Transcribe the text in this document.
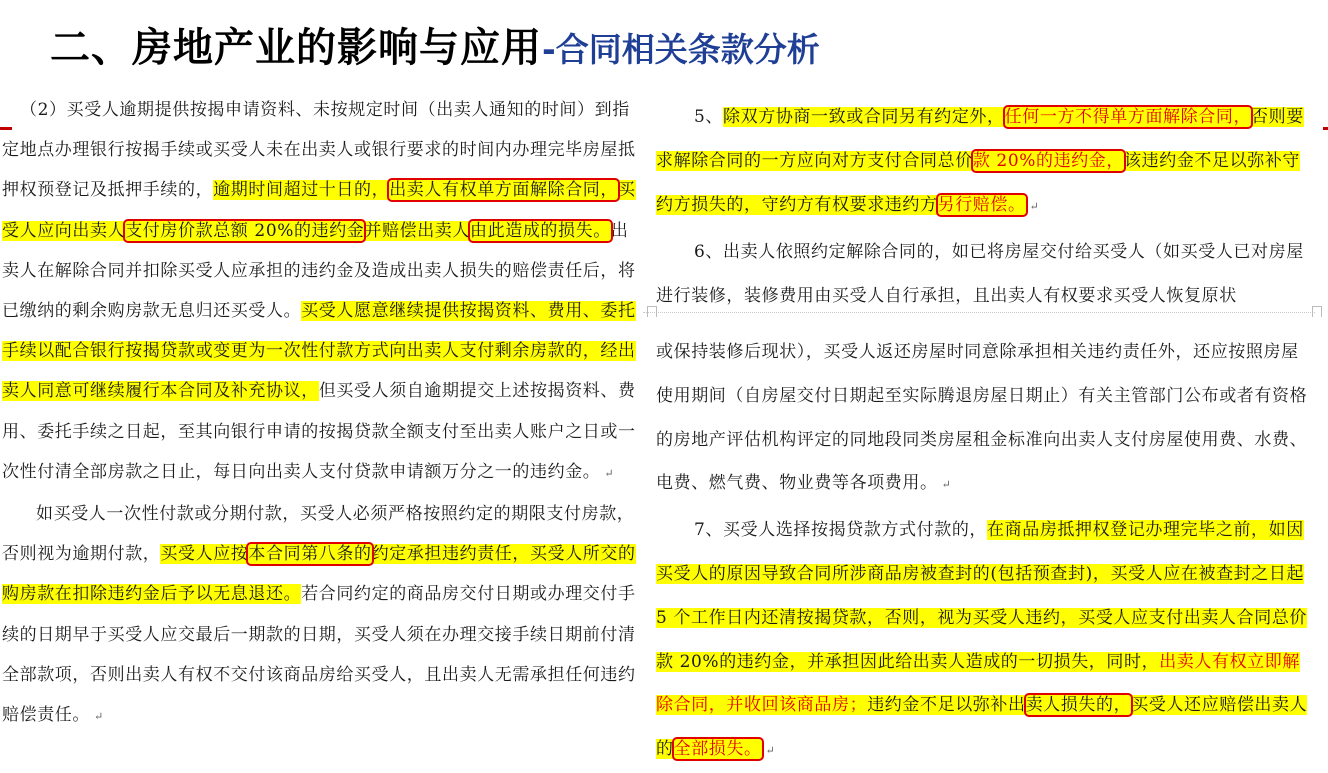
二、房地产业的影响与应用-合同相关条款分析

（2）买受人逾期提供按揭申请资料、未按规定时间（出卖人通知的时间）到指定地点办理银行按揭手续或买受人未在出卖人或银行要求的时间内办理完毕房屋抵押权预登记及抵押手续的，逾期时间超过十日的，出卖人有权单方面解除合同，买受人应向出卖人支付房价款总额 20%的违约金并赔偿出卖人由此造成的损失。出卖人在解除合同并扣除买受人应承担的违约金及造成出卖人损失的赔偿责任后，将已缴纳的剩余购房款无息归还买受人。买受人愿意继续提供按揭资料、费用、委托手续以配合银行按揭贷款或变更为一次性付款方式向出卖人支付剩余房款的，经出卖人同意可继续履行本合同及补充协议，但买受人须自逾期提交上述按揭资料、费用、委托手续之日起，至其向银行申请的按揭贷款全额支付至出卖人账户之日或一次性付清全部房款之日止，每日向出卖人支付贷款申请额万分之一的违约金。 ↵

如买受人一次性付款或分期付款，买受人必须严格按照约定的期限支付房款，否则视为逾期付款，买受人应按本合同第八条的约定承担违约责任，买受人所交的购房款在扣除违约金后予以无息退还。若合同约定的商品房交付日期或办理交付手续的日期早于买受人应交最后一期款的日期，买受人须在办理交接手续日期前付清全部款项，否则出卖人有权不交付该商品房给买受人，且出卖人无需承担任何违约赔偿责任。 ↵

5、除双方协商一致或合同另有约定外，任何一方不得单方面解除合同，否则要求解除合同的一方应向对方支付合同总价款 20%的违约金，该违约金不足以弥补守约方损失的，守约方有权要求违约方另行赔偿。 ↵

6、出卖人依照约定解除合同的，如已将房屋交付给买受人（如买受人已对房屋进行装修，装修费用由买受人自行承担，且出卖人有权要求买受人恢复原状

或保持装修后现状），买受人返还房屋时同意除承担相关违约责任外，还应按照房屋使用期间（自房屋交付日期起至实际腾退房屋日期止）有关主管部门公布或者有资格的房地产评估机构评定的同地段同类房屋租金标准向出卖人支付房屋使用费、水费、电费、燃气费、物业费等各项费用。 ↵

7、买受人选择按揭贷款方式付款的，在商品房抵押权登记办理完毕之前，如因买受人的原因导致合同所涉商品房被查封的(包括预查封)，买受人应在被查封之日起 5 个工作日内还清按揭贷款，否则，视为买受人违约，买受人应支付出卖人合同总价款 20%的违约金，并承担因此给出卖人造成的一切损失，同时，出卖人有权立即解除合同，并收回该商品房；违约金不足以弥补出卖人损失的，买受人还应赔偿出卖人的全部损失。 ↵
